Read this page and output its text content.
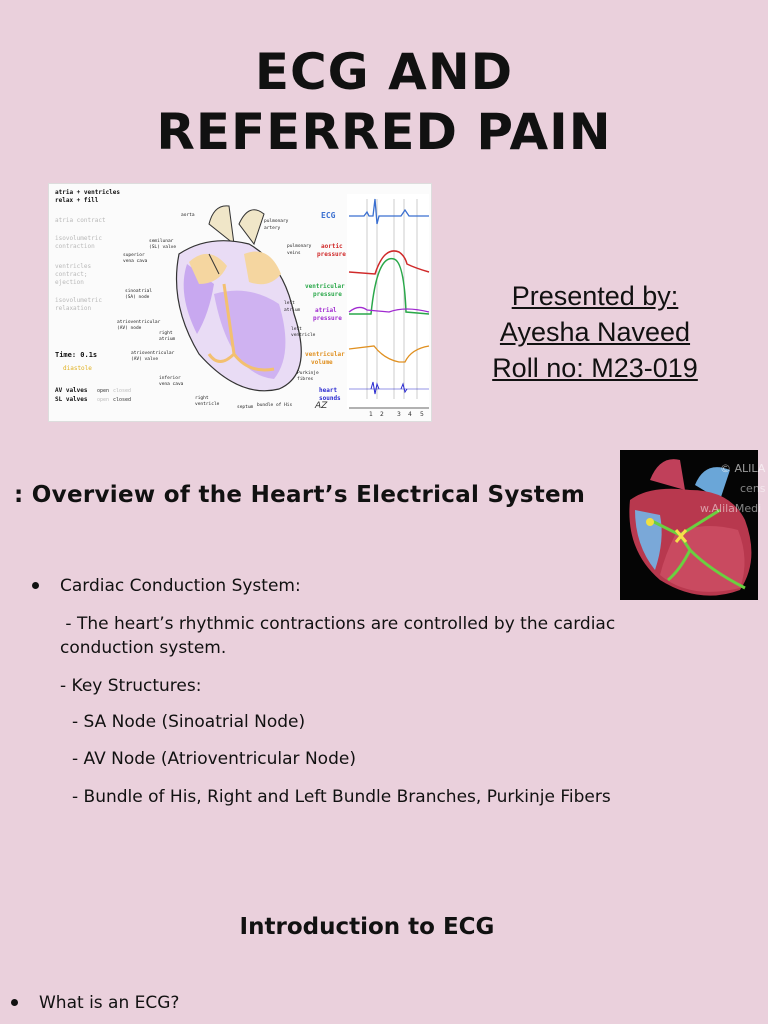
ECG AND
REFERRED PAIN
atria + ventricles
relax + fill
atria contract
isovolumetric
contraction
ventricles
contract;
ejection
isovolumetric
relaxation
Time: 0.1s
diastole
AV valves open closed
SL valves open closed
aorta
pulmonary
artery
semilunar
(SL) valve
superior
vena cava
pulmonary
veins
sinoatrial
(SA) node
left
atrium
atrioventricular
(AV) node
right
atrium
left
ventricle
atrioventricular
(AV) valve
Purkinje
fibres
inferior
vena cava
right
ventricle
septum bundle of His
ECG
aortic
pressure
ventricular
pressure
atrial
pressure
ventricular
volume
heart
sounds
1 2 3 4 5
AZ
Presented by:
Ayesha Naveed
Roll no: M23-019
© ALILA
cens
w.AlilaMedi
: Overview of the Heart’s Electrical System
Cardiac Conduction System:
- The heart’s rhythmic contractions are controlled by the cardiac
conduction system.
- Key Structures:
- SA Node (Sinoatrial Node)
- AV Node (Atrioventricular Node)
- Bundle of His, Right and Left Bundle Branches, Purkinje Fibers
Introduction to ECG
What is an ECG?
